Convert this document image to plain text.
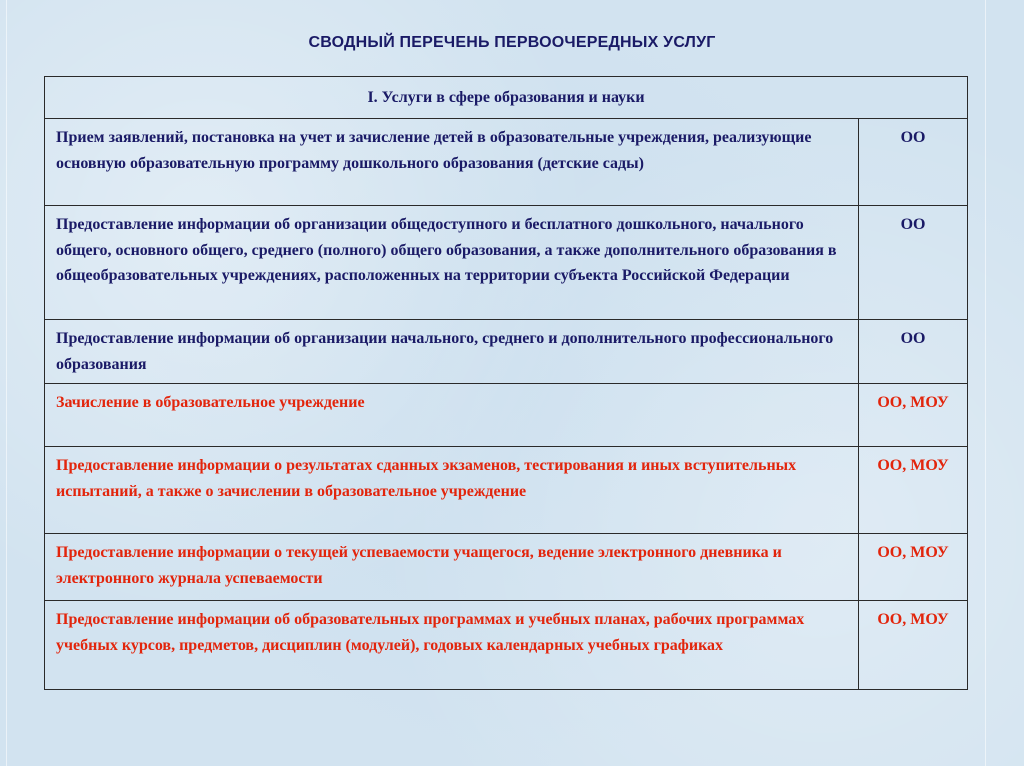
СВОДНЫЙ ПЕРЕЧЕНЬ ПЕРВООЧЕРЕДНЫХ УСЛУГ
I. Услуги в сфере образования и науки	
Прием заявлений, постановка на учет и зачисление детей в образовательные учреждения, реализующие основную образовательную программу дошкольного образования (детские сады)	ОО
Предоставление информации об организации общедоступного и бесплатного дошкольного, начального общего, основного общего, среднего (полного) общего образования, а также дополнительного образования в общеобразовательных учреждениях, расположенных на территории субъекта Российской Федерации	ОО
Предоставление информации об организации начального, среднего и дополнительного профессионального образования	ОО
Зачисление в образовательное учреждение	ОО, МОУ
Предоставление информации о результатах сданных экзаменов, тестирования и иных вступительных испытаний, а также о зачислении в образовательное учреждение	ОО, МОУ
Предоставление информации о текущей успеваемости учащегося, ведение электронного дневника и электронного журнала успеваемости	ОО, МОУ
Предоставление информации об образовательных программах и учебных планах, рабочих программах учебных курсов, предметов, дисциплин (модулей), годовых календарных учебных графиках	ОО, МОУ
